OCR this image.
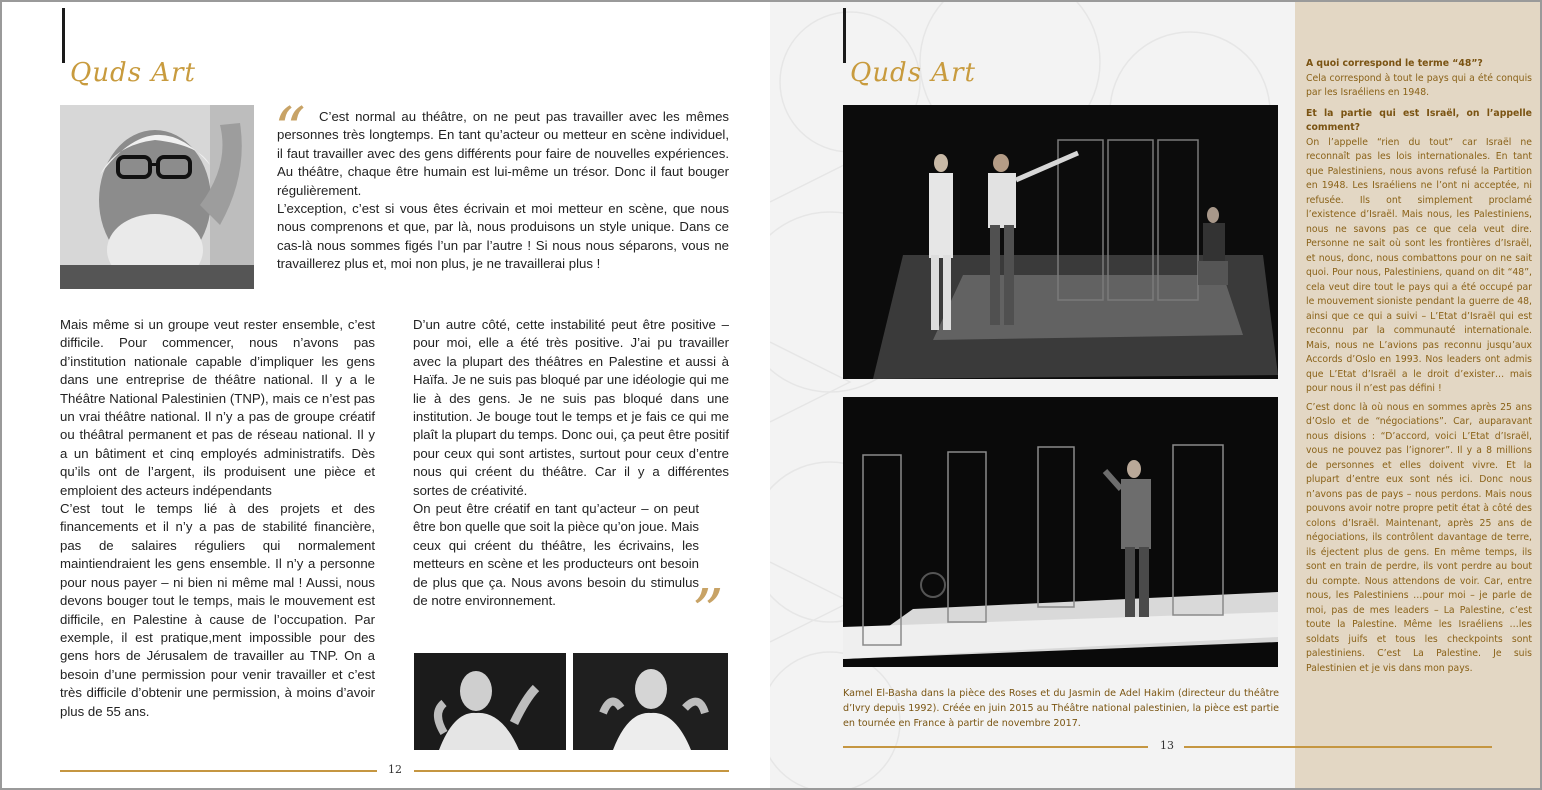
Quds Art
“	C’est normal au théâtre, on ne peut pas travailler avec les mêmes personnes très longtemps. En tant qu’acteur ou metteur en scène individuel, il faut travailler avec des gens différents pour faire de nouvelles expériences. Au théâtre, chaque être humain est lui-même un trésor. Donc il faut bouger régulièrement.

L’exception, c’est si vous êtes écrivain et moi metteur en scène, que nous nous comprenons et que, par là, nous produisons un style unique. Dans ce cas-là nous sommes figés l’un par l’autre ! Si nous nous séparons, vous ne travaillerez plus et, moi non plus, je ne travaillerai plus !

Mais même si un groupe veut rester ensemble, c’est difficile. Pour commencer, nous n’avons pas d’institution nationale capable d’impliquer les gens dans une entreprise de théâtre national. Il y a le Théâtre National Palestinien (TNP), mais ce n’est pas un vrai théâtre national. Il n’y a pas de groupe créatif ou théâtral permanent et pas de réseau national. Il y a un bâtiment et cinq employés administratifs. Dès qu’ils ont de l’argent, ils produisent une pièce et emploient des acteurs indépendants

C’est tout le temps lié à des projets et des financements et il n’y a pas de stabilité financière, pas de salaires réguliers qui normalement maintiendraient les gens ensemble. Il n’y a personne pour nous payer – ni bien ni même mal ! Aussi, nous devons bouger tout le temps, mais le mouvement est difficile, en Palestine à cause de l’occupation. Par exemple, il est pratique,ment impossible pour des gens hors de Jérusalem de travailler au TNP. On a besoin d’une permission pour venir travailler et c’est très difficile d’obtenir une permission, à moins d’avoir plus de 55 ans.

D’un autre côté, cette instabilité peut être positive – pour moi, elle a été très positive. J’ai pu travailler avec la plupart des théâtres en Palestine et aussi à Haïfa. Je ne suis pas bloqué par une idéologie qui me lie à des gens. Je ne suis pas bloqué dans une institution. Je bouge tout le temps et je fais ce qui me plaît la plupart du temps. Donc oui, ça peut être positif pour ceux qui sont artistes, surtout pour ceux d’entre nous qui créent du théâtre. Car il y a différentes sortes de créativité.

On peut être créatif en tant qu’acteur – on peut être bon quelle que soit la pièce qu’on joue. Mais ceux qui créent du théâtre, les écrivains, les metteurs en scène et les producteurs ont besoin de plus que ça. Nous avons besoin du stimulus de notre environnement.	”
12
Quds Art

Kamel El-Basha dans la pièce des Roses et du Jasmin de Adel Hakim (directeur du théâtre d’Ivry depuis 1992). Créée en juin 2015 au Théâtre national palestinien, la pièce est partie en tournée en France à partir de novembre 2017.

13

A quoi correspond le terme “48”?

Cela correspond à tout le pays qui a été conquis par les Israéliens en 1948.

Et la partie qui est Israël, on l’appelle comment?

On l’appelle “rien du tout” car Israël ne reconnaît pas les lois internationales. En tant que Palestiniens, nous avons refusé la Partition en 1948. Les Israéliens ne l’ont ni acceptée, ni refusée. Ils ont simplement proclamé l’existence d’Israël. Mais nous, les Palestiniens, nous ne savons pas ce que cela veut dire. Personne ne sait où sont les frontières d’Israël, et nous, donc, nous combattons pour on ne sait quoi. Pour nous, Palestiniens, quand on dit “48”, cela veut dire tout le pays qui a été occupé par le mouvement sioniste pendant la guerre de 48, ainsi que ce qui a suivi – L’Etat d’Israël qui est reconnu par la communauté internationale. Mais, nous ne L’avions pas reconnu jusqu’aux Accords d’Oslo en 1993. Nos leaders ont admis que L’Etat d’Israël a le droit d’exister… mais pour nous il n’est pas défini !

C’est donc là où nous en sommes après 25 ans d’Oslo et de “négociations”. Car, auparavant nous disions : “D’accord, voici L’Etat d’Israël, vous ne pouvez pas l’ignorer”. Il y a 8 millions de personnes et elles doivent vivre. Et la plupart d’entre eux sont nés ici. Donc nous n’avons pas de pays – nous perdons. Mais nous pouvons avoir notre propre petit état à côté des colons d’Israël. Maintenant, après 25 ans de négociations, ils contrôlent davantage de terre, ils éjectent plus de gens. En même temps, ils sont en train de perdre, ils vont perdre au bout du compte. Nous attendons de voir. Car, entre nous, les Palestiniens …pour moi – je parle de moi, pas de mes leaders – La Palestine, c’est toute la Palestine. Même les Israéliens …les soldats juifs et tous les checkpoints sont palestiniens. C’est La Palestine. Je suis Palestinien et je vis dans mon pays.
